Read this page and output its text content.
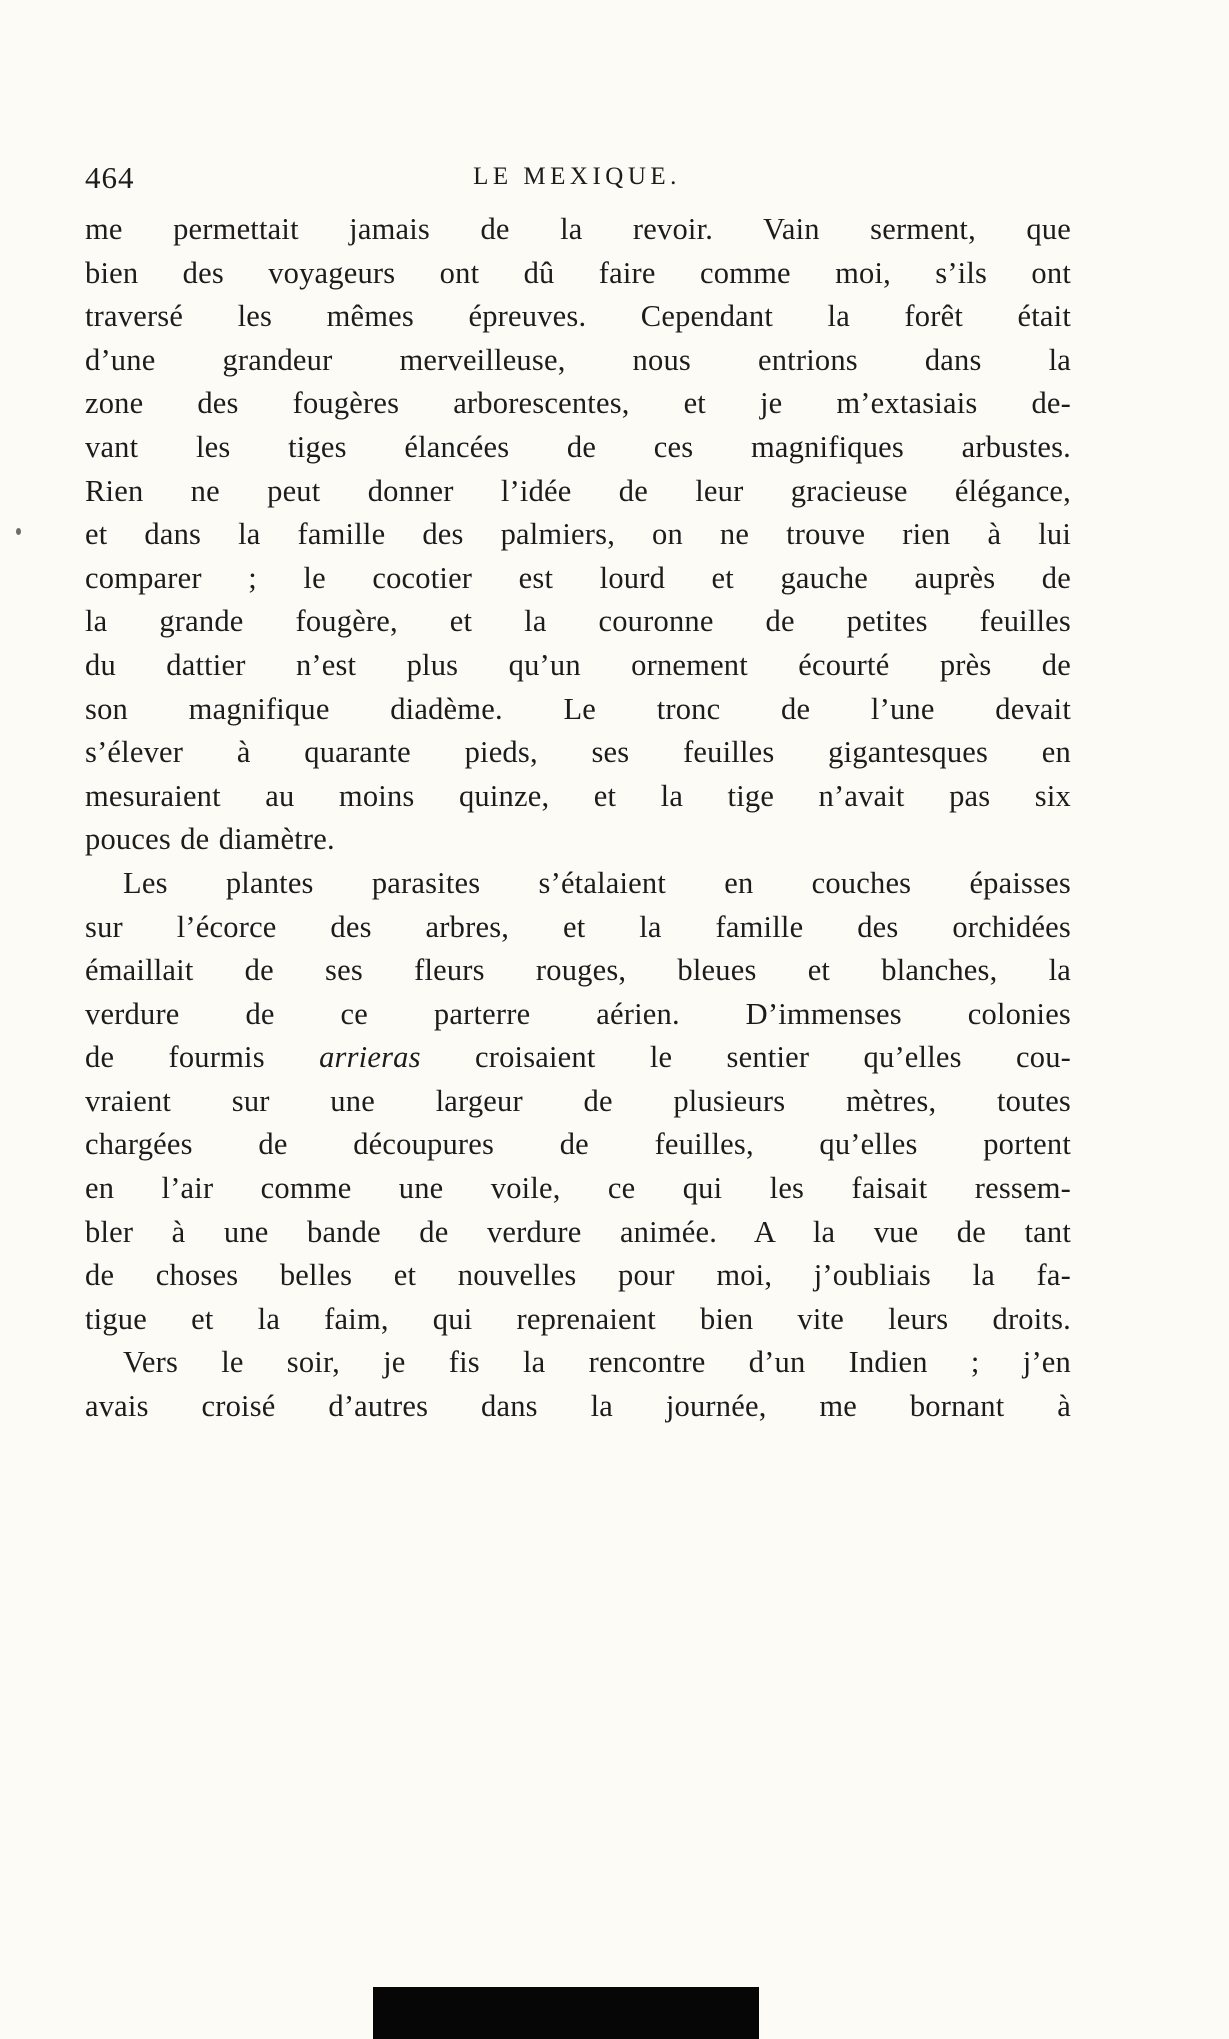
464	LE MEXIQUE.
me permettait jamais de la revoir. Vain serment, que
bien des voyageurs ont dû faire comme moi, s’ils ont
traversé les mêmes épreuves. Cependant la forêt était
d’une grandeur merveilleuse, nous entrions dans la
zone des fougères arborescentes, et je m’extasiais de-
vant les tiges élancées de ces magnifiques arbustes.
Rien ne peut donner l’idée de leur gracieuse élégance,
et dans la famille des palmiers, on ne trouve rien à lui
comparer ; le cocotier est lourd et gauche auprès de
la grande fougère, et la couronne de petites feuilles
du dattier n’est plus qu’un ornement écourté près de
son magnifique diadème. Le tronc de l’une devait
s’élever à quarante pieds, ses feuilles gigantesques en
mesuraient au moins quinze, et la tige n’avait pas six
pouces de diamètre.
Les plantes parasites s’étalaient en couches épaisses
sur l’écorce des arbres, et la famille des orchidées
émaillait de ses fleurs rouges, bleues et blanches, la
verdure de ce parterre aérien. D’immenses colonies
de fourmis arrieras croisaient le sentier qu’elles cou-
vraient sur une largeur de plusieurs mètres, toutes
chargées de découpures de feuilles, qu’elles portent
en l’air comme une voile, ce qui les faisait ressem-
bler à une bande de verdure animée. A la vue de tant
de choses belles et nouvelles pour moi, j’oubliais la fa-
tigue et la faim, qui reprenaient bien vite leurs droits.
Vers le soir, je fis la rencontre d’un Indien ; j’en
avais croisé d’autres dans la journée, me bornant à
